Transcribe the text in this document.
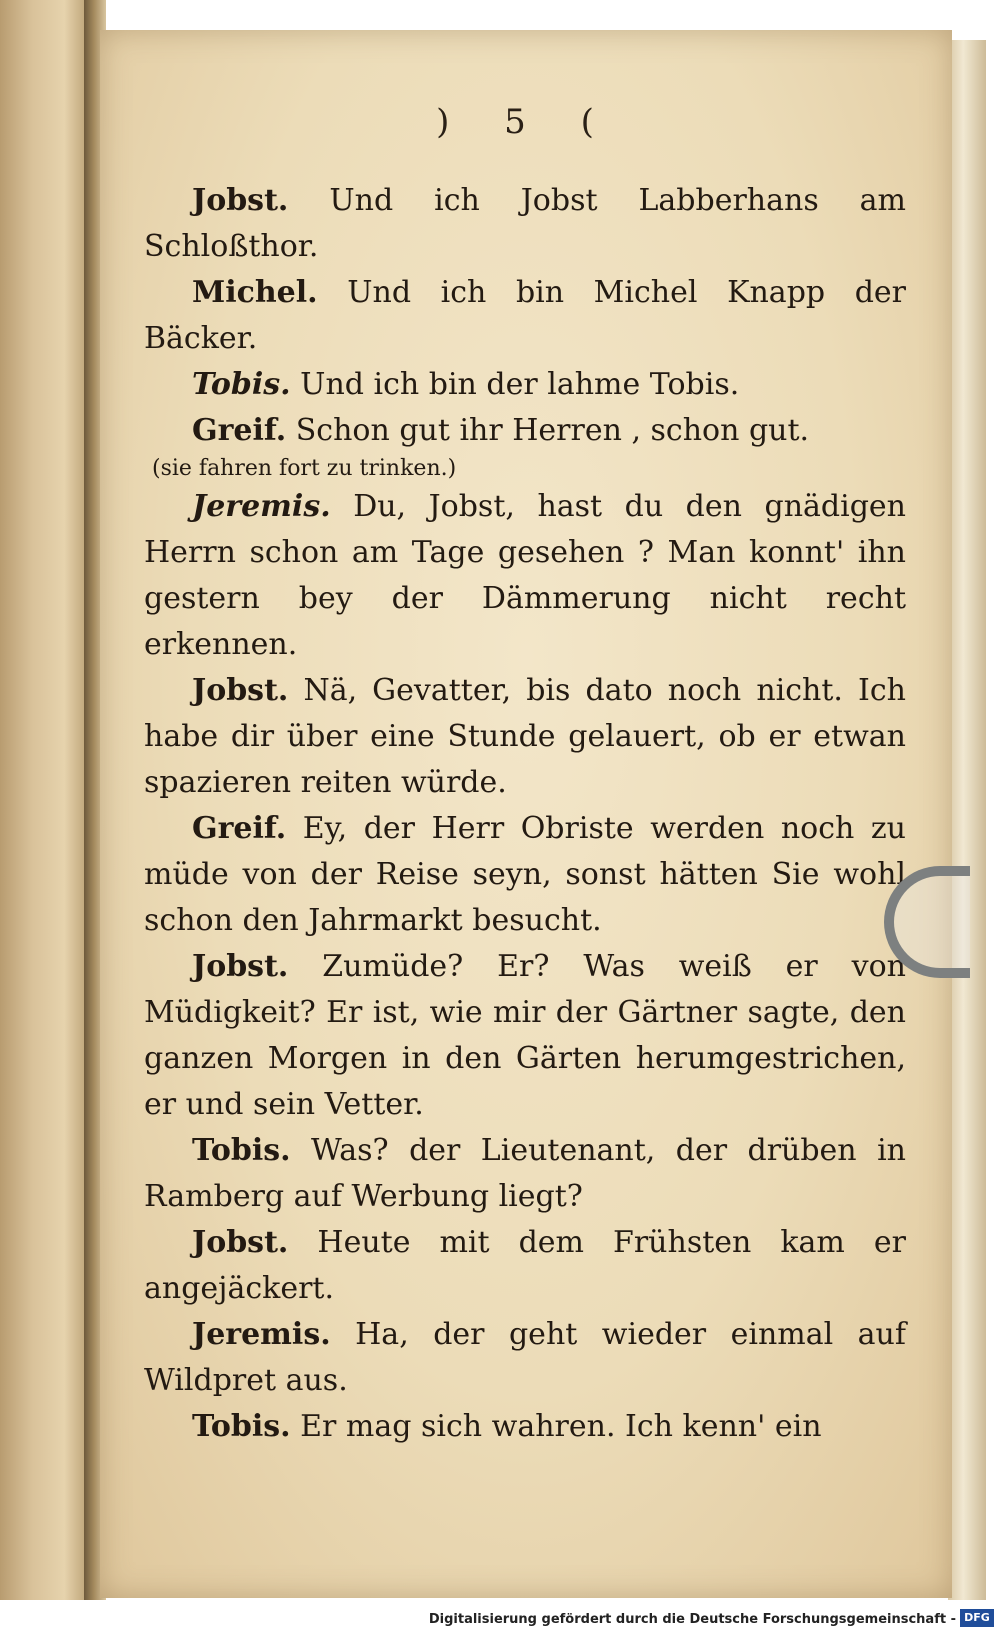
) 5 (

Jobst. Und ich Jobst Labberhans am Schloßthor.

Michel. Und ich bin Michel Knapp der Bäcker.

Tobis. Und ich bin der lahme Tobis.

Greif. Schon gut ihr Herren , schon gut.

(sie fahren fort zu trinken.)

Jeremis. Du, Jobst, hast du den gnädigen Herrn schon am Tage gesehen ? Man konnt' ihn gestern bey der Dämmerung nicht recht erkennen.

Jobst. Nä, Gevatter, bis dato noch nicht. Ich habe dir über eine Stunde gelauert, ob er etwan spazieren reiten würde.

Greif. Ey, der Herr Obriste werden noch zu müde von der Reise seyn, sonst hätten Sie wohl schon den Jahrmarkt besucht.

Jobst. Zumüde? Er? Was weiß er von Müdigkeit? Er ist, wie mir der Gärtner sagte, den ganzen Morgen in den Gärten herumgestrichen, er und sein Vetter.

Tobis. Was? der Lieutenant, der drüben in Ramberg auf Werbung liegt?

Jobst. Heute mit dem Frühsten kam er angejäckert.

Jeremis. Ha, der geht wieder einmal auf Wildpret aus.

Tobis. Er mag sich wahren. Ich kenn' ein

Digitalisierung gefördert durch die Deutsche Forschungsgemeinschaft - DFG
